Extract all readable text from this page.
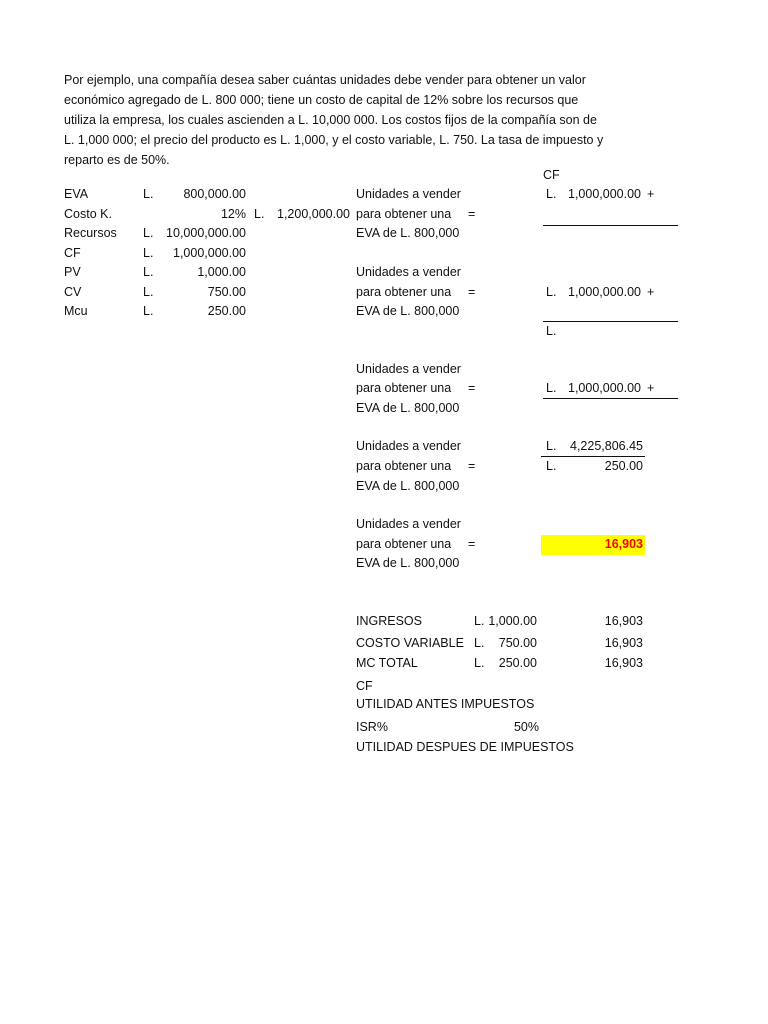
Por ejemplo, una compañía desea saber cuántas unidades debe vender para obtener un valor
económico agregado de L. 800 000; tiene un costo de capital de 12% sobre los recursos que
utiliza la empresa, los cuales ascienden a L. 10,000 000. Los costos fijos de la compañía son de
L. 1,000 000; el precio del producto es L. 1,000, y el costo variable, L. 750. La tasa de impuesto y
reparto es de 50%.
EVA	L.	800,000.00
Costo K.	12% L.	1,200,000.00
Recursos L.	10,000,000.00
CF	L.	1,000,000.00
PV	L.	1,000.00
CV	L.	750.00
Mcu	L.	250.00
CF
Unidades a vender
para obtener una
EVA de L. 800,000
=
L. 1,000,000.00 +
Unidades a vender
para obtener una
EVA de L. 800,000
=	L. 1,000,000.00 +
L.
Unidades a vender
para obtener una
EVA de L. 800,000
=	L. 1,000,000.00 +
Unidades a vender
para obtener una
EVA de L. 800,000
=
L.	4,225,806.45
L.	250.00
Unidades a vender
para obtener una
EVA de L. 800,000
=	16,903
INGRESOS	L. 1,000.00	16,903
COSTO VARIABLE L.	750.00	16,903
MC TOTAL	L.	250.00	16,903
CF
UTILIDAD ANTES IMPUESTOS
ISR%	50%
UTILIDAD DESPUES DE IMPUESTOS
